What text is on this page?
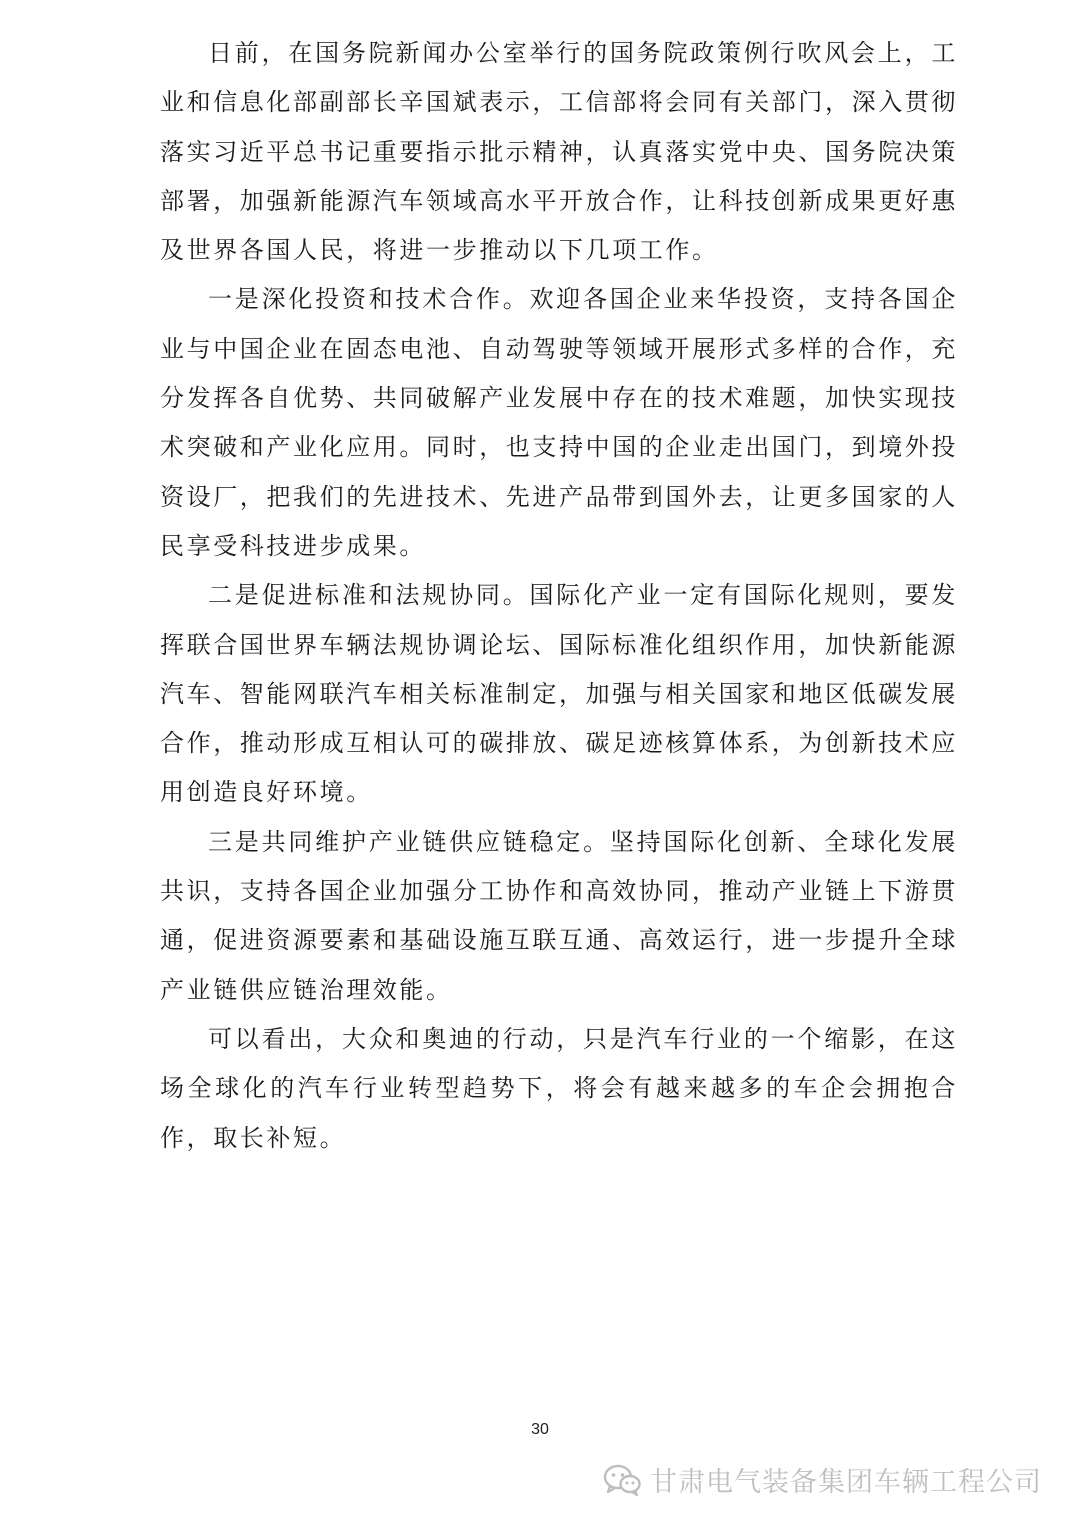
日前，在国务院新闻办公室举行的国务院政策例行吹风会上，工业和信息化部副部长辛国斌表示，工信部将会同有关部门，深入贯彻落实习近平总书记重要指示批示精神，认真落实党中央、国务院决策部署，加强新能源汽车领域高水平开放合作，让科技创新成果更好惠及世界各国人民，将进一步推动以下几项工作。

一是深化投资和技术合作。欢迎各国企业来华投资，支持各国企业与中国企业在固态电池、自动驾驶等领域开展形式多样的合作，充分发挥各自优势、共同破解产业发展中存在的技术难题，加快实现技术突破和产业化应用。同时，也支持中国的企业走出国门，到境外投资设厂，把我们的先进技术、先进产品带到国外去，让更多国家的人民享受科技进步成果。

二是促进标准和法规协同。国际化产业一定有国际化规则，要发挥联合国世界车辆法规协调论坛、国际标准化组织作用，加快新能源汽车、智能网联汽车相关标准制定，加强与相关国家和地区低碳发展合作，推动形成互相认可的碳排放、碳足迹核算体系，为创新技术应用创造良好环境。

三是共同维护产业链供应链稳定。坚持国际化创新、全球化发展共识，支持各国企业加强分工协作和高效协同，推动产业链上下游贯通，促进资源要素和基础设施互联互通、高效运行，进一步提升全球产业链供应链治理效能。

可以看出，大众和奥迪的行动，只是汽车行业的一个缩影，在这场全球化的汽车行业转型趋势下，将会有越来越多的车企会拥抱合作，取长补短。

30
甘肃电气装备集团车辆工程公司
